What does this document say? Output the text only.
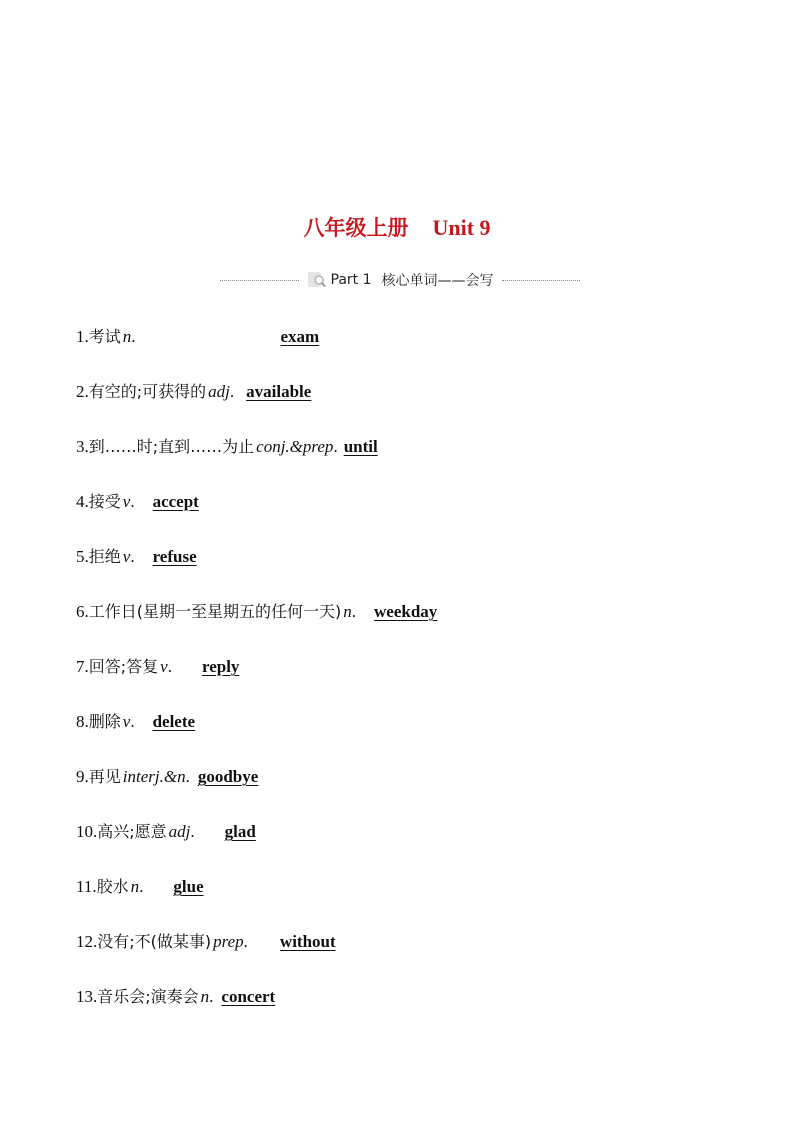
八年级上册 Unit 9
Part 1 核心单词——会写
1. 考试 n .	exam
2. 有空的;可获得的 adj . available
3. 到……时;直到……为止 conj.&prep . until
4. 接受 v . accept
5. 拒绝 v . refuse
6. 工作日(星期一至星期五的任何一天) n . weekday
7. 回答;答复 v . reply
8. 删除 v . delete
9. 再见 interj.&n . goodbye
10. 高兴;愿意 adj . glad
11. 胶水 n . glue
12. 没有;不(做某事) prep . without
13. 音乐会;演奏会 n . concert
